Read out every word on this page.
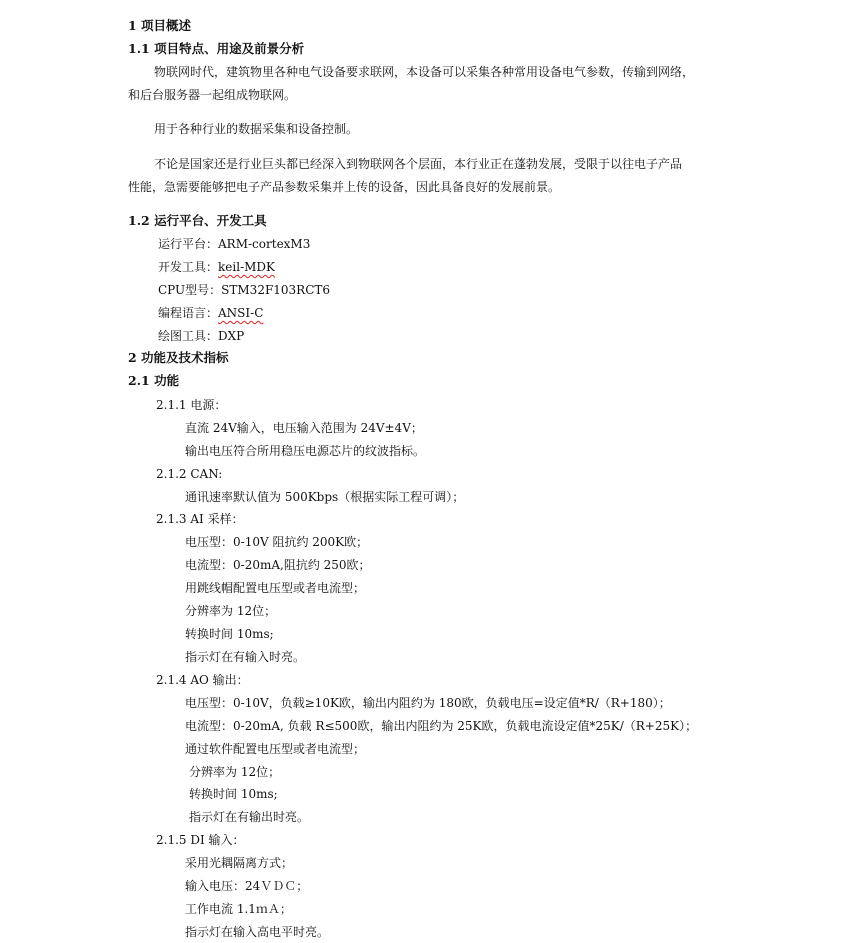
1 项目概述
1.1 项目特点、用途及前景分析
物联网时代，建筑物里各种电气设备要求联网，本设备可以采集各种常用设备电气参数，传输到网络，
和后台服务器一起组成物联网。
用于各种行业的数据采集和设备控制。
不论是国家还是行业巨头都已经深入到物联网各个层面，本行业正在蓬勃发展，受限于以往电子产品
性能，急需要能够把电子产品参数采集并上传的设备，因此具备良好的发展前景。
1.2 运行平台、开发工具
运行平台：ARM-cortexM3
开发工具：keil-MDK
CPU型号：STM32F103RCT6
编程语言：ANSI-C
绘图工具：DXP
2 功能及技术指标
2.1 功能
2.1.1 电源：
直流 24V输入，电压输入范围为 24V±4V；
输出电压符合所用稳压电源芯片的纹波指标。
2.1.2 CAN:
通讯速率默认值为 500Kbps（根据实际工程可调）；
2.1.3 AI 采样：
电压型：0-10V 阻抗约 200K欧；
电流型：0-20mA,阻抗约 250欧；
用跳线帽配置电压型或者电流型；
分辨率为 12位；
转换时间 10ms;
指示灯在有输入时亮。
2.1.4 AO 输出：
电压型：0-10V，负载≥10K欧，输出内阻约为 180欧，负载电压=设定值*R/（R+180）；
电流型：0-20mA, 负载 R≤500欧，输出内阻约为 25K欧，负载电流设定值*25K/（R+25K）；
通过软件配置电压型或者电流型；
分辨率为 12位；
转换时间 10ms;
指示灯在有输出时亮。
2.1.5 DI 输入：
采用光耦隔离方式；
输入电压：24ＶＤＣ；
工作电流 1.1ｍＡ；
指示灯在输入高电平时亮。
